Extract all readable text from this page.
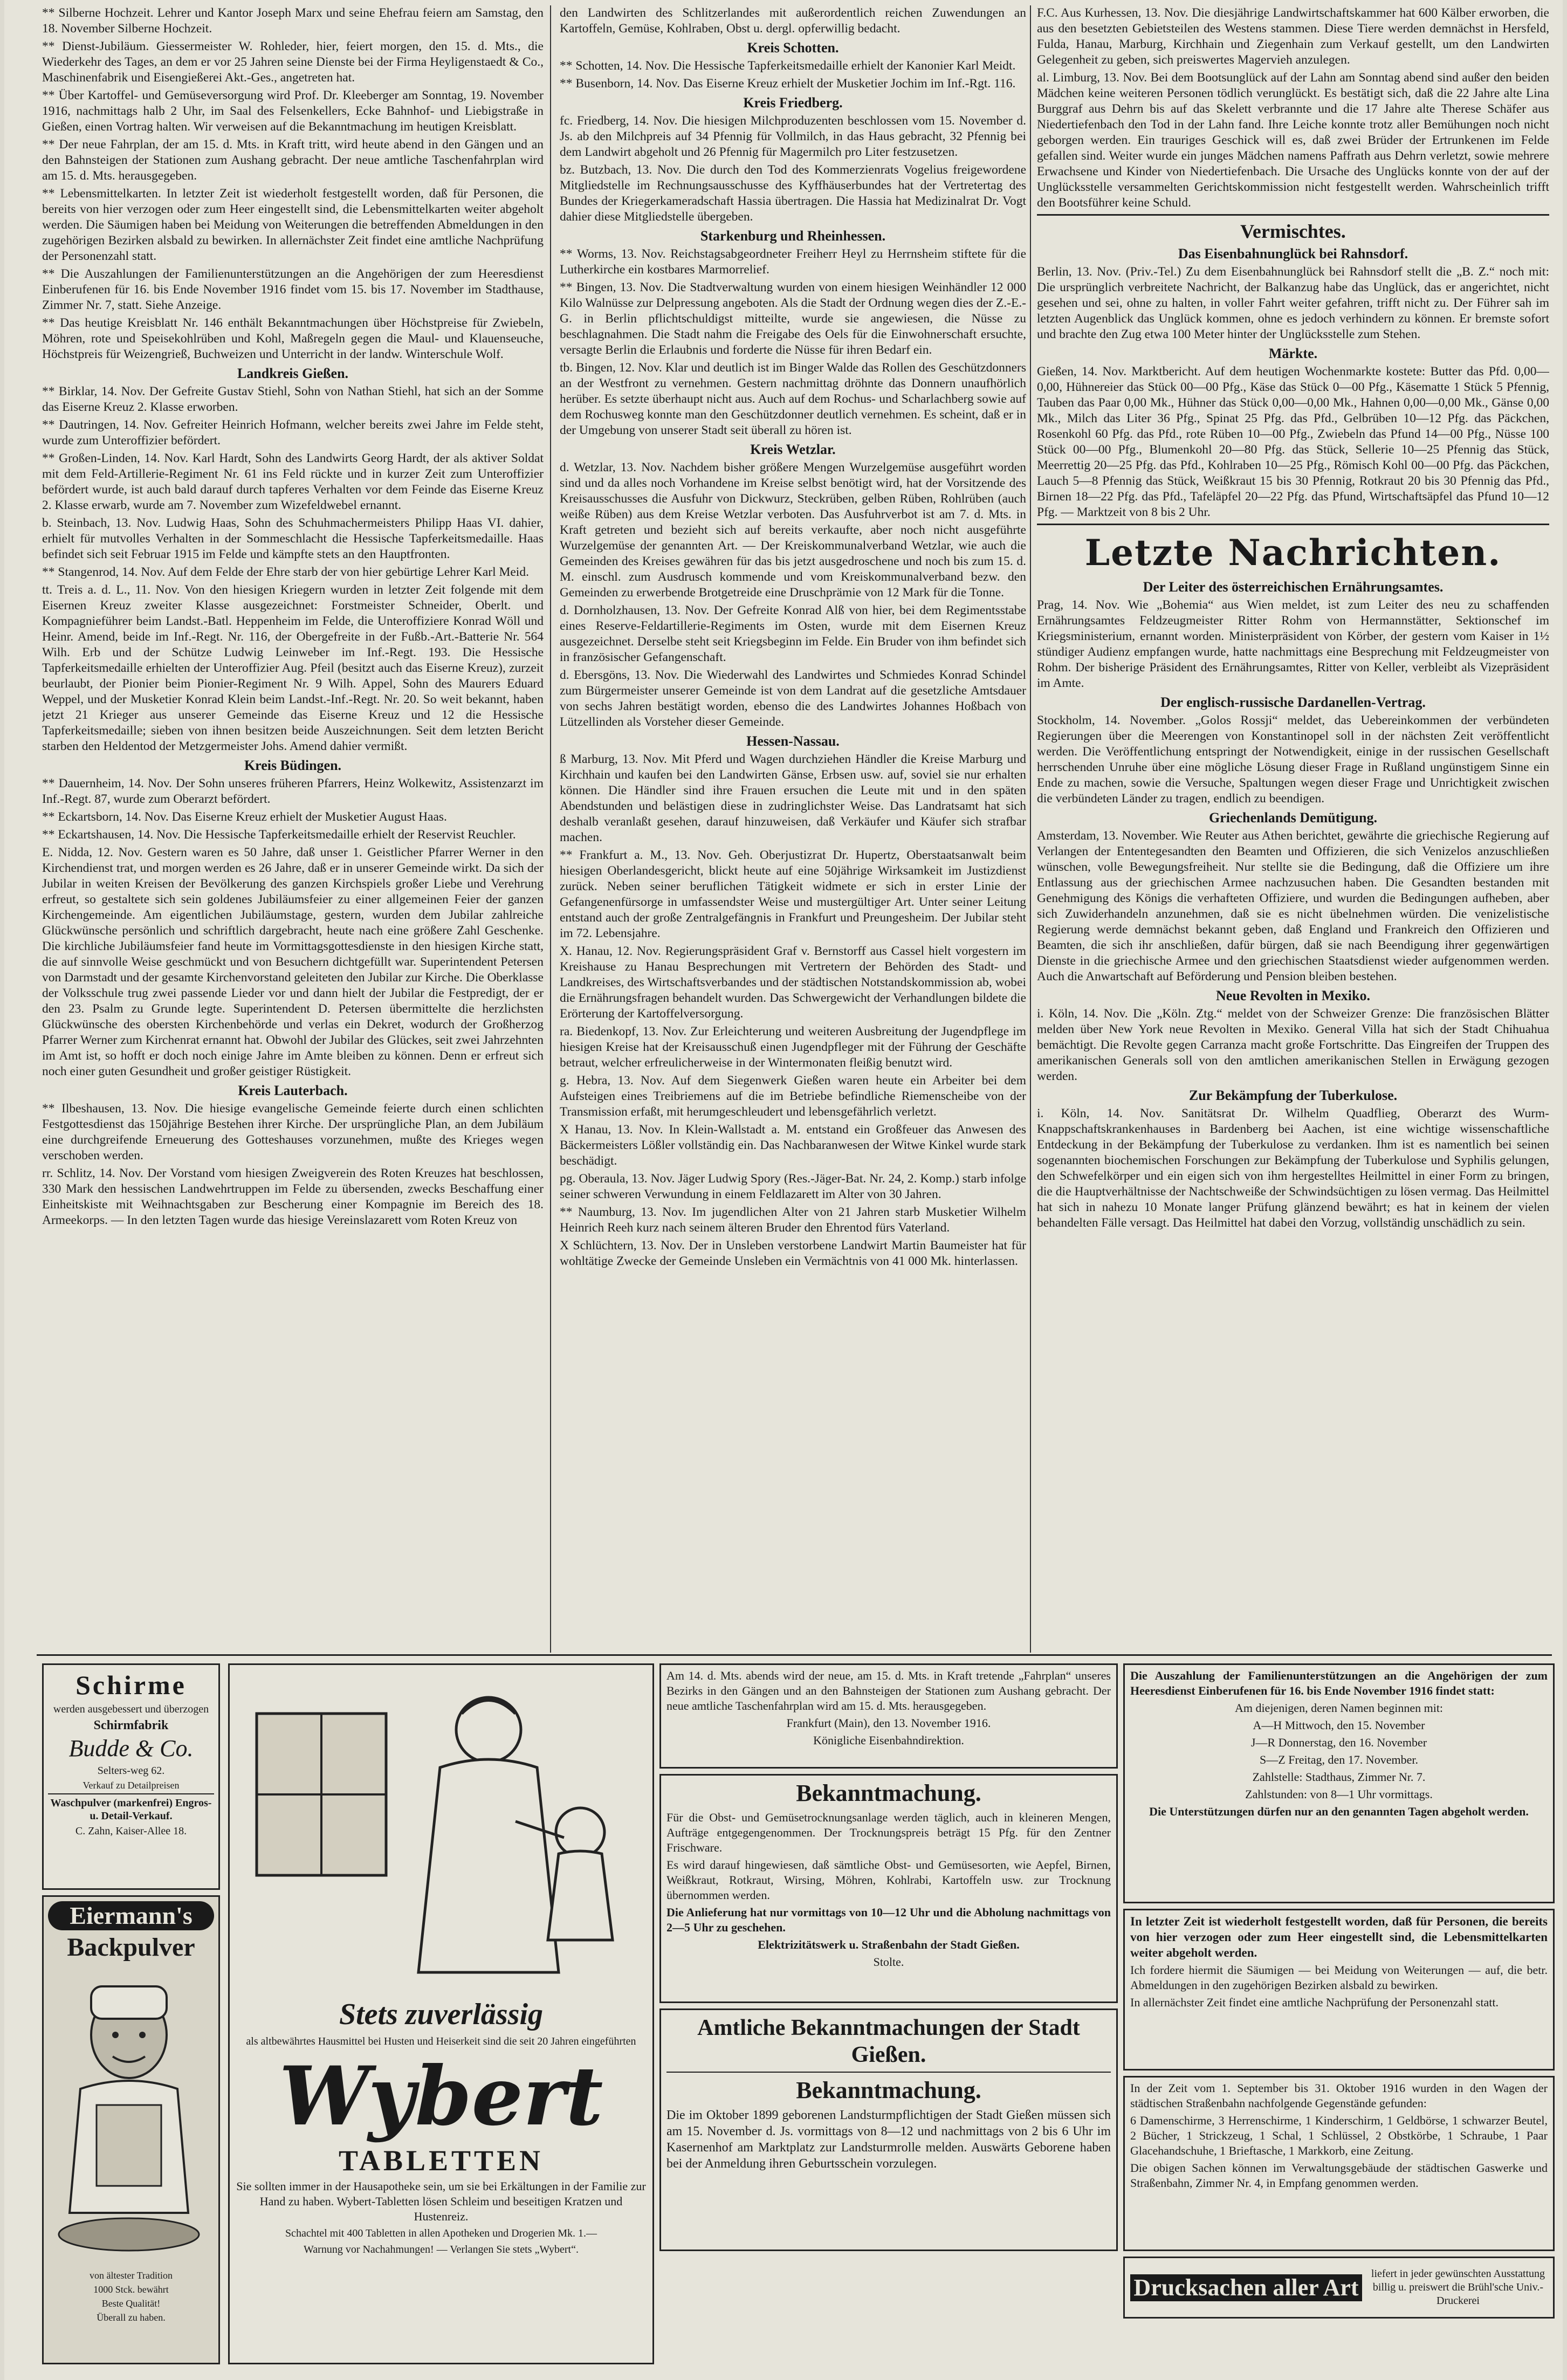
** Silberne Hochzeit. Lehrer und Kantor Joseph Marx und seine Ehefrau feiern am Samstag, den 18. November Silberne Hochzeit.

** Dienst-Jubiläum. Giessermeister W. Rohleder, hier, feiert morgen, den 15. d. Mts., die Wiederkehr des Tages, an dem er vor 25 Jahren seine Dienste bei der Firma Heyligenstaedt & Co., Maschinenfabrik und Eisengießerei Akt.-Ges., angetreten hat.

** Über Kartoffel- und Gemüseversorgung wird Prof. Dr. Kleeberger am Sonntag, 19. November 1916, nachmittags halb 2 Uhr, im Saal des Felsenkellers, Ecke Bahnhof- und Liebigstraße in Gießen, einen Vortrag halten. Wir verweisen auf die Bekanntmachung im heutigen Kreisblatt.

** Der neue Fahrplan, der am 15. d. Mts. in Kraft tritt, wird heute abend in den Gängen und an den Bahnsteigen der Stationen zum Aushang gebracht. Der neue amtliche Taschenfahrplan wird am 15. d. Mts. herausgegeben.

** Lebensmittelkarten. In letzter Zeit ist wiederholt festgestellt worden, daß für Personen, die bereits von hier verzogen oder zum Heer eingestellt sind, die Lebensmittelkarten weiter abgeholt werden. Die Säumigen haben bei Meidung von Weiterungen die betreffenden Abmeldungen in den zugehörigen Bezirken alsbald zu bewirken. In allernächster Zeit findet eine amtliche Nachprüfung der Personenzahl statt.

** Die Auszahlungen der Familienunterstützungen an die Angehörigen der zum Heeresdienst Einberufenen für 16. bis Ende November 1916 findet vom 15. bis 17. November im Stadthause, Zimmer Nr. 7, statt. Siehe Anzeige.

** Das heutige Kreisblatt Nr. 146 enthält Bekanntmachungen über Höchstpreise für Zwiebeln, Möhren, rote und Speisekohlrüben und Kohl, Maßregeln gegen die Maul- und Klauenseuche, Höchstpreis für Weizengrieß, Buchweizen und Unterricht in der landw. Winterschule Wolf.

Landkreis Gießen.

** Birklar, 14. Nov. Der Gefreite Gustav Stiehl, Sohn von Nathan Stiehl, hat sich an der Somme das Eiserne Kreuz 2. Klasse erworben.

** Dautringen, 14. Nov. Gefreiter Heinrich Hofmann, welcher bereits zwei Jahre im Felde steht, wurde zum Unteroffizier befördert.

** Großen-Linden, 14. Nov. Karl Hardt, Sohn des Landwirts Georg Hardt, der als aktiver Soldat mit dem Feld-Artillerie-Regiment Nr. 61 ins Feld rückte und in kurzer Zeit zum Unteroffizier befördert wurde, ist auch bald darauf durch tapferes Verhalten vor dem Feinde das Eiserne Kreuz 2. Klasse erwarb, wurde am 7. November zum Wizefeldwebel ernannt.

b. Steinbach, 13. Nov. Ludwig Haas, Sohn des Schuhmachermeisters Philipp Haas VI. dahier, erhielt für mutvolles Verhalten in der Sommeschlacht die Hessische Tapferkeitsmedaille. Haas befindet sich seit Februar 1915 im Felde und kämpfte stets an den Hauptfronten.

** Stangenrod, 14. Nov. Auf dem Felde der Ehre starb der von hier gebürtige Lehrer Karl Meid.

tt. Treis a. d. L., 11. Nov. Von den hiesigen Kriegern wurden in letzter Zeit folgende mit dem Eisernen Kreuz zweiter Klasse ausgezeichnet: Forstmeister Schneider, Oberlt. und Kompagnieführer beim Landst.-Batl. Heppenheim im Felde, die Unteroffiziere Konrad Wöll und Heinr. Amend, beide im Inf.-Regt. Nr. 116, der Obergefreite in der Fußb.-Art.-Batterie Nr. 564 Wilh. Erb und der Schütze Ludwig Leinweber im Inf.-Regt. 193. Die Hessische Tapferkeitsmedaille erhielten der Unteroffizier Aug. Pfeil (besitzt auch das Eiserne Kreuz), zurzeit beurlaubt, der Pionier beim Pionier-Regiment Nr. 9 Wilh. Appel, Sohn des Maurers Eduard Weppel, und der Musketier Konrad Klein beim Landst.-Inf.-Regt. Nr. 20. So weit bekannt, haben jetzt 21 Krieger aus unserer Gemeinde das Eiserne Kreuz und 12 die Hessische Tapferkeitsmedaille; sieben von ihnen besitzen beide Auszeichnungen. Seit dem letzten Bericht starben den Heldentod der Metzgermeister Johs. Amend dahier vermißt.

Kreis Büdingen.

** Dauernheim, 14. Nov. Der Sohn unseres früheren Pfarrers, Heinz Wolkewitz, Assistenzarzt im Inf.-Regt. 87, wurde zum Oberarzt befördert.

** Eckartsborn, 14. Nov. Das Eiserne Kreuz erhielt der Musketier August Haas.

** Eckartshausen, 14. Nov. Die Hessische Tapferkeitsmedaille erhielt der Reservist Reuchler.

E. Nidda, 12. Nov. Gestern waren es 50 Jahre, daß unser 1. Geistlicher Pfarrer Werner in den Kirchendienst trat, und morgen werden es 26 Jahre, daß er in unserer Gemeinde wirkt. Da sich der Jubilar in weiten Kreisen der Bevölkerung des ganzen Kirchspiels großer Liebe und Verehrung erfreut, so gestaltete sich sein goldenes Jubiläumsfeier zu einer allgemeinen Feier der ganzen Kirchengemeinde. Am eigentlichen Jubiläumstage, gestern, wurden dem Jubilar zahlreiche Glückwünsche persönlich und schriftlich dargebracht, heute nach eine größere Zahl Geschenke. Die kirchliche Jubiläumsfeier fand heute im Vormittagsgottesdienste in den hiesigen Kirche statt, die auf sinnvolle Weise geschmückt und von Besuchern dichtgefüllt war. Superintendent Petersen von Darmstadt und der gesamte Kirchenvorstand geleiteten den Jubilar zur Kirche. Die Oberklasse der Volksschule trug zwei passende Lieder vor und dann hielt der Jubilar die Festpredigt, der er den 23. Psalm zu Grunde legte. Superintendent D. Petersen übermittelte die herzlichsten Glückwünsche des obersten Kirchenbehörde und verlas ein Dekret, wodurch der Großherzog Pfarrer Werner zum Kirchenrat ernannt hat. Obwohl der Jubilar des Glückes, seit zwei Jahrzehnten im Amt ist, so hofft er doch noch einige Jahre im Amte bleiben zu können. Denn er erfreut sich noch einer guten Gesundheit und großer geistiger Rüstigkeit.

Kreis Lauterbach.

** Ilbeshausen, 13. Nov. Die hiesige evangelische Gemeinde feierte durch einen schlichten Festgottesdienst das 150jährige Bestehen ihrer Kirche. Der ursprüngliche Plan, an dem Jubiläum eine durchgreifende Erneuerung des Gotteshauses vorzunehmen, mußte des Krieges wegen verschoben werden.

rr. Schlitz, 14. Nov. Der Vorstand vom hiesigen Zweigverein des Roten Kreuzes hat beschlossen, 330 Mark den hessischen Landwehrtruppen im Felde zu übersenden, zwecks Beschaffung einer Einheitskiste mit Weihnachtsgaben zur Bescherung einer Kompagnie im Bereich des 18. Armeekorps. — In den letzten Tagen wurde das hiesige Vereinslazarett vom Roten Kreuz von

den Landwirten des Schlitzerlandes mit außerordentlich reichen Zuwendungen an Kartoffeln, Gemüse, Kohlraben, Obst u. dergl. opferwillig bedacht.

Kreis Schotten.

** Schotten, 14. Nov. Die Hessische Tapferkeitsmedaille erhielt der Kanonier Karl Meidt.

** Busenborn, 14. Nov. Das Eiserne Kreuz erhielt der Musketier Jochim im Inf.-Rgt. 116.

Kreis Friedberg.

fc. Friedberg, 14. Nov. Die hiesigen Milchproduzenten beschlossen vom 15. November d. Js. ab den Milchpreis auf 34 Pfennig für Vollmilch, in das Haus gebracht, 32 Pfennig bei dem Landwirt abgeholt und 26 Pfennig für Magermilch pro Liter festzusetzen.

bz. Butzbach, 13. Nov. Die durch den Tod des Kommerzienrats Vogelius freigewordene Mitgliedstelle im Rechnungsausschusse des Kyffhäuserbundes hat der Vertretertag des Bundes der Kriegerkameradschaft Hassia übertragen. Die Hassia hat Medizinalrat Dr. Vogt dahier diese Mitgliedstelle übergeben.

Starkenburg und Rheinhessen.

** Worms, 13. Nov. Reichstagsabgeordneter Freiherr Heyl zu Herrnsheim stiftete für die Lutherkirche ein kostbares Marmorrelief.

** Bingen, 13. Nov. Die Stadtverwaltung wurden von einem hiesigen Weinhändler 12 000 Kilo Walnüsse zur Delpressung angeboten. Als die Stadt der Ordnung wegen dies der Z.-E.-G. in Berlin pflichtschuldigst mitteilte, wurde sie angewiesen, die Nüsse zu beschlagnahmen. Die Stadt nahm die Freigabe des Oels für die Einwohnerschaft ersuchte, versagte Berlin die Erlaubnis und forderte die Nüsse für ihren Bedarf ein.

tb. Bingen, 12. Nov. Klar und deutlich ist im Binger Walde das Rollen des Geschützdonners an der Westfront zu vernehmen. Gestern nachmittag dröhnte das Donnern unaufhörlich herüber. Es setzte überhaupt nicht aus. Auch auf dem Rochus- und Scharlachberg sowie auf dem Rochusweg konnte man den Geschützdonner deutlich vernehmen. Es scheint, daß er in der Umgebung von unserer Stadt seit überall zu hören ist.

Kreis Wetzlar.

d. Wetzlar, 13. Nov. Nachdem bisher größere Mengen Wurzelgemüse ausgeführt worden sind und da alles noch Vorhandene im Kreise selbst benötigt wird, hat der Vorsitzende des Kreisausschusses die Ausfuhr von Dickwurz, Steckrüben, gelben Rüben, Rohlrüben (auch weiße Rüben) aus dem Kreise Wetzlar verboten. Das Ausfuhrverbot ist am 7. d. Mts. in Kraft getreten und bezieht sich auf bereits verkaufte, aber noch nicht ausgeführte Wurzelgemüse der genannten Art. — Der Kreiskommunalverband Wetzlar, wie auch die Gemeinden des Kreises gewähren für das bis jetzt ausgedroschene und noch bis zum 15. d. M. einschl. zum Ausdrusch kommende und vom Kreiskommunalverband bezw. den Gemeinden zu erwerbende Brotgetreide eine Druschprämie von 12 Mark für die Tonne.

d. Dornholzhausen, 13. Nov. Der Gefreite Konrad Alß von hier, bei dem Regimentsstabe eines Reserve-Feldartillerie-Regiments im Osten, wurde mit dem Eisernen Kreuz ausgezeichnet. Derselbe steht seit Kriegsbeginn im Felde. Ein Bruder von ihm befindet sich in französischer Gefangenschaft.

d. Ebersgöns, 13. Nov. Die Wiederwahl des Landwirtes und Schmiedes Konrad Schindel zum Bürgermeister unserer Gemeinde ist von dem Landrat auf die gesetzliche Amtsdauer von sechs Jahren bestätigt worden, ebenso die des Landwirtes Johannes Hoßbach von Lützellinden als Vorsteher dieser Gemeinde.

Hessen-Nassau.

ß Marburg, 13. Nov. Mit Pferd und Wagen durchziehen Händler die Kreise Marburg und Kirchhain und kaufen bei den Landwirten Gänse, Erbsen usw. auf, soviel sie nur erhalten können. Die Händler sind ihre Frauen ersuchen die Leute mit und in den späten Abendstunden und belästigen diese in zudringlichster Weise. Das Landratsamt hat sich deshalb veranlaßt gesehen, darauf hinzuweisen, daß Verkäufer und Käufer sich strafbar machen.

** Frankfurt a. M., 13. Nov. Geh. Oberjustizrat Dr. Hupertz, Oberstaatsanwalt beim hiesigen Oberlandesgericht, blickt heute auf eine 50jährige Wirksamkeit im Justizdienst zurück. Neben seiner beruflichen Tätigkeit widmete er sich in erster Linie der Gefangenenfürsorge in umfassendster Weise und mustergültiger Art. Unter seiner Leitung entstand auch der große Zentralgefängnis in Frankfurt und Preungesheim. Der Jubilar steht im 72. Lebensjahre.

X. Hanau, 12. Nov. Regierungspräsident Graf v. Bernstorff aus Cassel hielt vorgestern im Kreishause zu Hanau Besprechungen mit Vertretern der Behörden des Stadt- und Landkreises, des Wirtschaftsverbandes und der städtischen Notstandskommission ab, wobei die Ernährungsfragen behandelt wurden. Das Schwergewicht der Verhandlungen bildete die Erörterung der Kartoffelversorgung.

ra. Biedenkopf, 13. Nov. Zur Erleichterung und weiteren Ausbreitung der Jugendpflege im hiesigen Kreise hat der Kreisausschuß einen Jugendpfleger mit der Führung der Geschäfte betraut, welcher erfreulicherweise in der Wintermonaten fleißig benutzt wird.

g. Hebra, 13. Nov. Auf dem Siegenwerk Gießen waren heute ein Arbeiter bei dem Aufsteigen eines Treibriemens auf die im Betriebe befindliche Riemenscheibe von der Transmission erfaßt, mit herumgeschleudert und lebensgefährlich verletzt.

X Hanau, 13. Nov. In Klein-Wallstadt a. M. entstand ein Großfeuer das Anwesen des Bäckermeisters Lößler vollständig ein. Das Nachbaranwesen der Witwe Kinkel wurde stark beschädigt.

pg. Oberaula, 13. Nov. Jäger Ludwig Spory (Res.-Jäger-Bat. Nr. 24, 2. Komp.) starb infolge seiner schweren Verwundung in einem Feldlazarett im Alter von 30 Jahren.

** Naumburg, 13. Nov. Im jugendlichen Alter von 21 Jahren starb Musketier Wilhelm Heinrich Reeh kurz nach seinem älteren Bruder den Ehrentod fürs Vaterland.

X Schlüchtern, 13. Nov. Der in Unsleben verstorbene Landwirt Martin Baumeister hat für wohltätige Zwecke der Gemeinde Unsleben ein Vermächtnis von 41 000 Mk. hinterlassen.

F.C. Aus Kurhessen, 13. Nov. Die diesjährige Landwirtschaftskammer hat 600 Kälber erworben, die aus den besetzten Gebietsteilen des Westens stammen. Diese Tiere werden demnächst in Hersfeld, Fulda, Hanau, Marburg, Kirchhain und Ziegenhain zum Verkauf gestellt, um den Landwirten Gelegenheit zu geben, sich preiswertes Magervieh anzulegen.

al. Limburg, 13. Nov. Bei dem Bootsunglück auf der Lahn am Sonntag abend sind außer den beiden Mädchen keine weiteren Personen tödlich verunglückt. Es bestätigt sich, daß die 22 Jahre alte Lina Burggraf aus Dehrn bis auf das Skelett verbrannte und die 17 Jahre alte Therese Schäfer aus Niedertiefenbach den Tod in der Lahn fand. Ihre Leiche konnte trotz aller Bemühungen noch nicht geborgen werden. Ein trauriges Geschick will es, daß zwei Brüder der Ertrunkenen im Felde gefallen sind. Weiter wurde ein junges Mädchen namens Paffrath aus Dehrn verletzt, sowie mehrere Erwachsene und Kinder von Niedertiefenbach. Die Ursache des Unglücks konnte von der auf der Unglücksstelle versammelten Gerichtskommission nicht festgestellt werden. Wahrscheinlich trifft den Bootsführer keine Schuld.

Vermischtes.
Das Eisenbahnunglück bei Rahnsdorf.

Berlin, 13. Nov. (Priv.-Tel.) Zu dem Eisenbahnunglück bei Rahnsdorf stellt die „B. Z.“ noch mit: Die ursprünglich verbreitete Nachricht, der Balkanzug habe das Unglück, das er angerichtet, nicht gesehen und sei, ohne zu halten, in voller Fahrt weiter gefahren, trifft nicht zu. Der Führer sah im letzten Augenblick das Unglück kommen, ohne es jedoch verhindern zu können. Er bremste sofort und brachte den Zug etwa 100 Meter hinter der Unglücksstelle zum Stehen.

Märkte.

Gießen, 14. Nov. Marktbericht. Auf dem heutigen Wochenmarkte kostete: Butter das Pfd. 0,00—0,00, Hühnereier das Stück 00—00 Pfg., Käse das Stück 0—00 Pfg., Käsematte 1 Stück 5 Pfennig, Tauben das Paar 0,00 Mk., Hühner das Stück 0,00—0,00 Mk., Hahnen 0,00—0,00 Mk., Gänse 0,00 Mk., Milch das Liter 36 Pfg., Spinat 25 Pfg. das Pfd., Gelbrüben 10—12 Pfg. das Päckchen, Rosenkohl 60 Pfg. das Pfd., rote Rüben 10—00 Pfg., Zwiebeln das Pfund 14—00 Pfg., Nüsse 100 Stück 00—00 Pfg., Blumenkohl 20—80 Pfg. das Stück, Sellerie 10—25 Pfennig das Stück, Meerrettig 20—25 Pfg. das Pfd., Kohlraben 10—25 Pfg., Römisch Kohl 00—00 Pfg. das Päckchen, Lauch 5—8 Pfennig das Stück, Weißkraut 15 bis 30 Pfennig, Rotkraut 20 bis 30 Pfennig das Pfd., Birnen 18—22 Pfg. das Pfd., Tafeläpfel 20—22 Pfg. das Pfund, Wirtschaftsäpfel das Pfund 10—12 Pfg. — Marktzeit von 8 bis 2 Uhr.

Letzte Nachrichten.
Der Leiter des österreichischen Ernährungsamtes.

Prag, 14. Nov. Wie „Bohemia“ aus Wien meldet, ist zum Leiter des neu zu schaffenden Ernährungsamtes Feldzeugmeister Ritter Rohm von Hermannstätter, Sektionschef im Kriegsministerium, ernannt worden. Ministerpräsident von Körber, der gestern vom Kaiser in 1½ stündiger Audienz empfangen wurde, hatte nachmittags eine Besprechung mit Feldzeugmeister von Rohm. Der bisherige Präsident des Ernährungsamtes, Ritter von Keller, verbleibt als Vizepräsident im Amte.

Der englisch-russische Dardanellen-Vertrag.

Stockholm, 14. November. „Golos Rossji“ meldet, das Uebereinkommen der verbündeten Regierungen über die Meerengen von Konstantinopel soll in der nächsten Zeit veröffentlicht werden. Die Veröffentlichung entspringt der Notwendigkeit, einige in der russischen Gesellschaft herrschenden Unruhe über eine mögliche Lösung dieser Frage in Rußland ungünstigem Sinne ein Ende zu machen, sowie die Versuche, Spaltungen wegen dieser Frage und Unrichtigkeit zwischen die verbündeten Länder zu tragen, endlich zu beendigen.

Griechenlands Demütigung.

Amsterdam, 13. November. Wie Reuter aus Athen berichtet, gewährte die griechische Regierung auf Verlangen der Ententegesandten den Beamten und Offizieren, die sich Venizelos anzuschließen wünschen, volle Bewegungsfreiheit. Nur stellte sie die Bedingung, daß die Offiziere um ihre Entlassung aus der griechischen Armee nachzusuchen haben. Die Gesandten bestanden mit Genehmigung des Königs die verhafteten Offiziere, und wurden die Bedingungen aufheben, aber sich Zuwiderhandeln anzunehmen, daß sie es nicht übelnehmen würden. Die venizelistische Regierung werde demnächst bekannt geben, daß England und Frankreich den Offizieren und Beamten, die sich ihr anschließen, dafür bürgen, daß sie nach Beendigung ihrer gegenwärtigen Dienste in die griechische Armee und den griechischen Staatsdienst wieder aufgenommen werden. Auch die Anwartschaft auf Beförderung und Pension bleiben bestehen.

Neue Revolten in Mexiko.

i. Köln, 14. Nov. Die „Köln. Ztg.“ meldet von der Schweizer Grenze: Die französischen Blätter melden über New York neue Revolten in Mexiko. General Villa hat sich der Stadt Chihuahua bemächtigt. Die Revolte gegen Carranza macht große Fortschritte. Das Eingreifen der Truppen des amerikanischen Generals soll von den amtlichen amerikanischen Stellen in Erwägung gezogen werden.

Zur Bekämpfung der Tuberkulose.

i. Köln, 14. Nov. Sanitätsrat Dr. Wilhelm Quadflieg, Oberarzt des Wurm-Knappschaftskrankenhauses in Bardenberg bei Aachen, ist eine wichtige wissenschaftliche Entdeckung in der Bekämpfung der Tuberkulose zu verdanken. Ihm ist es namentlich bei seinen sogenannten biochemischen Forschungen zur Bekämpfung der Tuberkulose und Syphilis gelungen, den Schwefelkörper und ein eigen sich von ihm hergestelltes Heilmittel in einer Form zu bringen, die die Hauptverhältnisse der Nachtschweiße der Schwindsüchtigen zu lösen vermag. Das Heilmittel hat sich in nahezu 10 Monate langer Prüfung glänzend bewährt; es hat in keinem der vielen behandelten Fälle versagt. Das Heilmittel hat dabei den Vorzug, vollständig unschädlich zu sein.

Schirme

werden ausgebessert und überzogen

Schirmfabrik

Budde & Co.

Selters-weg 62.

Verkauf zu Detailpreisen

Waschpulver (markenfrei) Engros- u. Detail-Verkauf.

C. Zahn, Kaiser-Allee 18.

Eiermann's

Backpulver

von ältester Tradition

1000 Stck. bewährt

Beste Qualität!

Überall zu haben.

Stets zuverlässig

als altbewährtes Hausmittel bei Husten und Heiserkeit sind die seit 20 Jahren eingeführten

Wybert

TABLETTEN

Sie sollten immer in der Hausapotheke sein, um sie bei Erkältungen in der Familie zur Hand zu haben. Wybert-Tabletten lösen Schleim und beseitigen Kratzen und Hustenreiz.

Schachtel mit 400 Tabletten in allen Apotheken und Drogerien Mk. 1.—

Warnung vor Nachahmungen! — Verlangen Sie stets „Wybert“.

Am 14. d. Mts. abends wird der neue, am 15. d. Mts. in Kraft tretende „Fahrplan“ unseres Bezirks in den Gängen und an den Bahnsteigen der Stationen zum Aushang gebracht. Der neue amtliche Taschenfahrplan wird am 15. d. Mts. herausgegeben.

Frankfurt (Main), den 13. November 1916.

Königliche Eisenbahndirektion.

Bekanntmachung.

Für die Obst- und Gemüsetrocknungsanlage werden täglich, auch in kleineren Mengen, Aufträge entgegengenommen. Der Trocknungspreis beträgt 15 Pfg. für den Zentner Frischware.

Es wird darauf hingewiesen, daß sämtliche Obst- und Gemüsesorten, wie Aepfel, Birnen, Weißkraut, Rotkraut, Wirsing, Möhren, Kohlrabi, Kartoffeln usw. zur Trocknung übernommen werden.

Die Anlieferung hat nur vormittags von 10—12 Uhr und die Abholung nachmittags von 2—5 Uhr zu geschehen.

Elektrizitätswerk u. Straßenbahn der Stadt Gießen.

Stolte.

Amtliche Bekanntmachungen der Stadt Gießen.

Bekanntmachung.

Die im Oktober 1899 geborenen Landsturmpflichtigen der Stadt Gießen müssen sich am 15. November d. Js. vormittags von 8—12 und nachmittags von 2 bis 6 Uhr im Kasernenhof am Marktplatz zur Landsturmrolle melden. Auswärts Geborene haben bei der Anmeldung ihren Geburtsschein vorzulegen.

Die Auszahlung der Familienunterstützungen an die Angehörigen der zum Heeresdienst Einberufenen für 16. bis Ende November 1916 findet statt:

Am diejenigen, deren Namen beginnen mit:

A—H Mittwoch, den 15. November

J—R Donnerstag, den 16. November

S—Z Freitag, den 17. November.

Zahlstelle: Stadthaus, Zimmer Nr. 7.

Zahlstunden: von 8—1 Uhr vormittags.

Die Unterstützungen dürfen nur an den genannten Tagen abgeholt werden.

In letzter Zeit ist wiederholt festgestellt worden, daß für Personen, die bereits von hier verzogen oder zum Heer eingestellt sind, die Lebensmittelkarten weiter abgeholt werden.

Ich fordere hiermit die Säumigen — bei Meidung von Weiterungen — auf, die betr. Abmeldungen in den zugehörigen Bezirken alsbald zu bewirken.

In allernächster Zeit findet eine amtliche Nachprüfung der Personenzahl statt.

In der Zeit vom 1. September bis 31. Oktober 1916 wurden in den Wagen der städtischen Straßenbahn nachfolgende Gegenstände gefunden:

6 Damenschirme, 3 Herrenschirme, 1 Kinderschirm, 1 Geldbörse, 1 schwarzer Beutel, 2 Bücher, 1 Strickzeug, 1 Schal, 1 Schlüssel, 2 Obstkörbe, 1 Schraube, 1 Paar Glacehandschuhe, 1 Brieftasche, 1 Markkorb, eine Zeitung.

Die obigen Sachen können im Verwaltungsgebäude der städtischen Gaswerke und Straßenbahn, Zimmer Nr. 4, in Empfang genommen werden.

Drucksachen aller Art

liefert in jeder gewünschten Ausstattung billig u. preiswert die Brühl'sche Univ.-Druckerei
